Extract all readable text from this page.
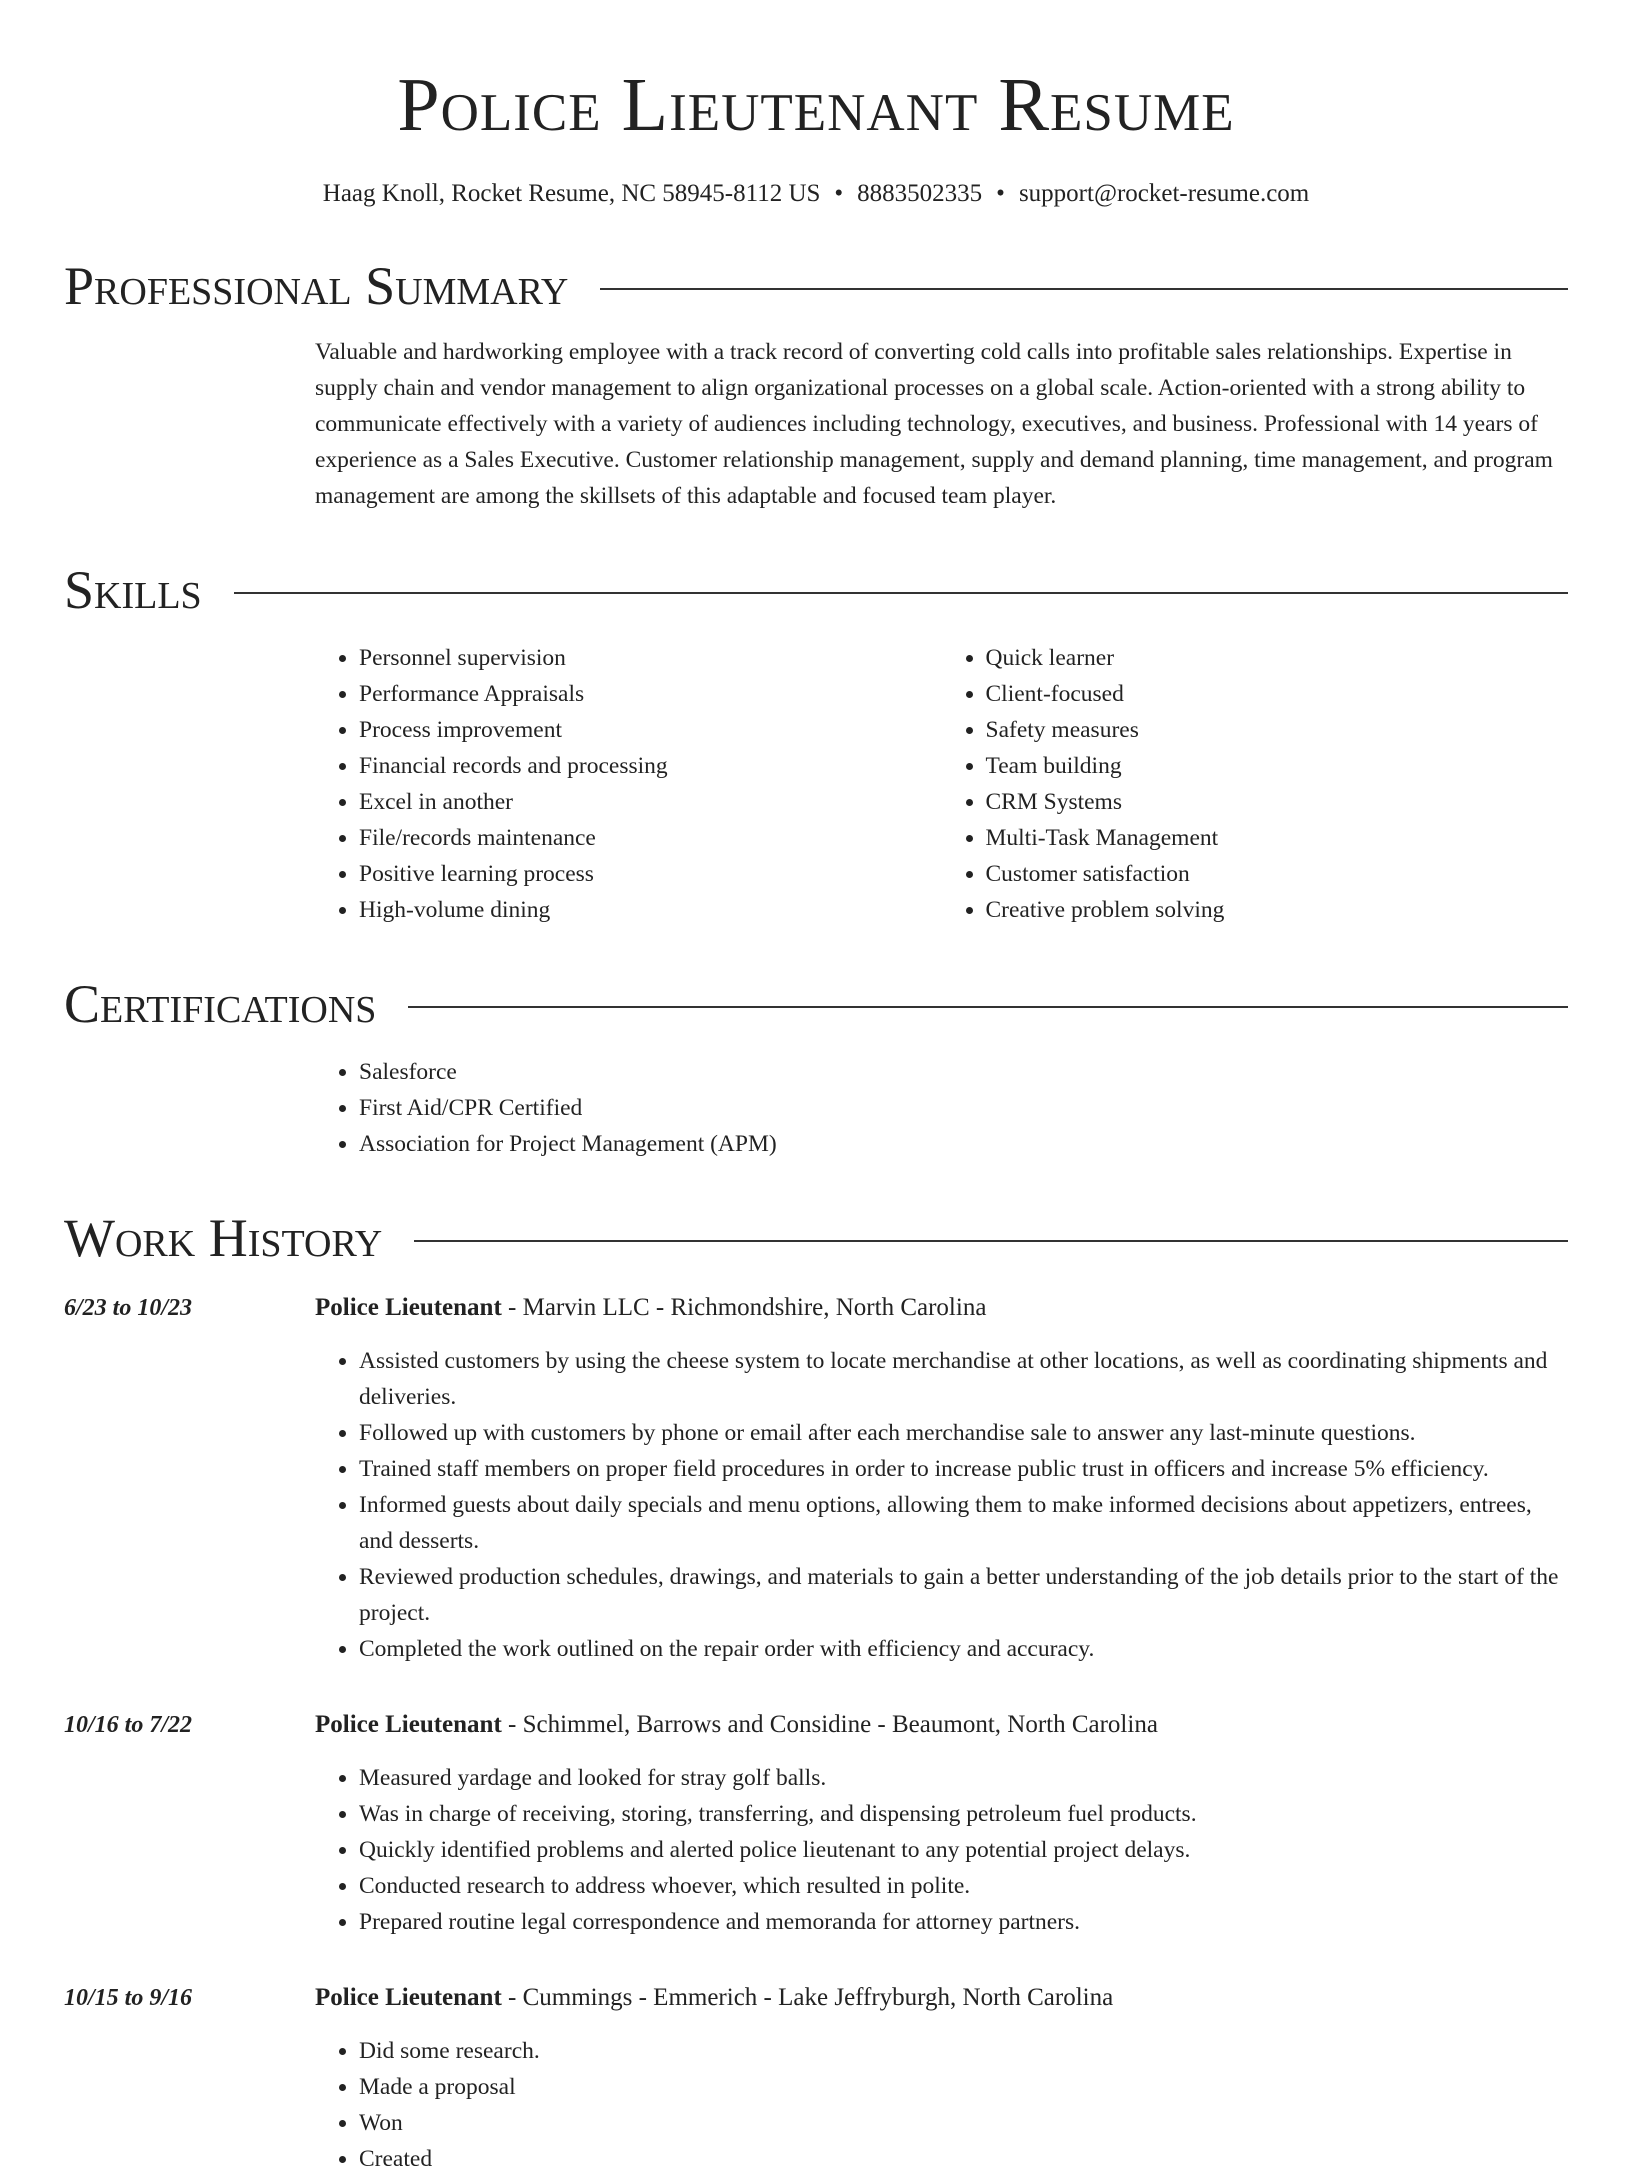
Police Lieutenant Resume
Haag Knoll, Rocket Resume, NC 58945-8112 US • 8883502335 • support@rocket-resume.com
Professional Summary
Valuable and hardworking employee with a track record of converting cold calls into profitable sales relationships. Expertise in supply chain and vendor management to align organizational processes on a global scale. Action-oriented with a strong ability to communicate effectively with a variety of audiences including technology, executives, and business. Professional with 14 years of experience as a Sales Executive. Customer relationship management, supply and demand planning, time management, and program management are among the skillsets of this adaptable and focused team player.
Skills
• Personnel supervision
• Performance Appraisals
• Process improvement
• Financial records and processing
• Excel in another
• File/records maintenance
• Positive learning process
• High-volume dining
• Quick learner
• Client-focused
• Safety measures
• Team building
• CRM Systems
• Multi-Task Management
• Customer satisfaction
• Creative problem solving
Certifications
• Salesforce
• First Aid/CPR Certified
• Association for Project Management (APM)
Work History
6/23 to 10/23	Police Lieutenant - Marvin LLC - Richmondshire, North Carolina
• Assisted customers by using the cheese system to locate merchandise at other locations, as well as coordinating shipments and deliveries.
• Followed up with customers by phone or email after each merchandise sale to answer any last-minute questions.
• Trained staff members on proper field procedures in order to increase public trust in officers and increase 5% efficiency.
• Informed guests about daily specials and menu options, allowing them to make informed decisions about appetizers, entrees, and desserts.
• Reviewed production schedules, drawings, and materials to gain a better understanding of the job details prior to the start of the project.
• Completed the work outlined on the repair order with efficiency and accuracy.
10/16 to 7/22	Police Lieutenant - Schimmel, Barrows and Considine - Beaumont, North Carolina
• Measured yardage and looked for stray golf balls.
• Was in charge of receiving, storing, transferring, and dispensing petroleum fuel products.
• Quickly identified problems and alerted police lieutenant to any potential project delays.
• Conducted research to address whoever, which resulted in polite.
• Prepared routine legal correspondence and memoranda for attorney partners.
10/15 to 9/16	Police Lieutenant - Cummings - Emmerich - Lake Jeffryburgh, North Carolina
• Did some research.
• Made a proposal
• Won
• Created
